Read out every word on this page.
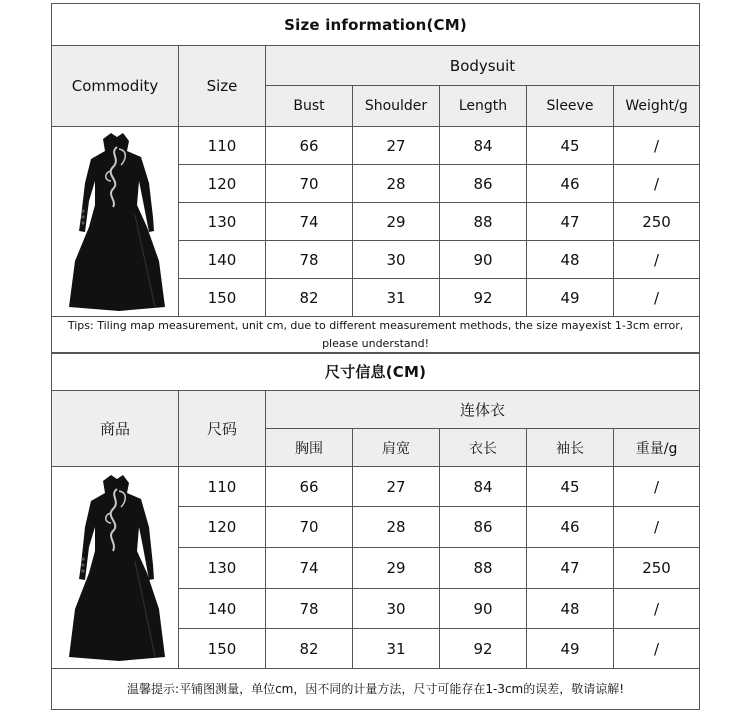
Size information(CM)						
Commodity	Size	Bodysuit				
		Bust	Shoulder	Length	Sleeve	Weight/g

	110	66	27	84	45	/
	120	70	28	86	46	/
	130	74	29	88	47	250
	140	78	30	90	48	/
	150	82	31	92	49	/
Tips: Tiling map measurement, unit cm, due to different measurement methods, the size mayexist 1-3cm error, please understand!						
尺寸信息(CM)						
商品	尺码	连体衣				
		胸围	肩宽	衣长	袖长	重量/g

	110	66	27	84	45	/
	120	70	28	86	46	/
	130	74	29	88	47	250
	140	78	30	90	48	/
	150	82	31	92	49	/
温馨提示:平铺图测量，单位cm，因不同的计量方法，尺寸可能存在1-3cm的误差，敬请谅解!						
